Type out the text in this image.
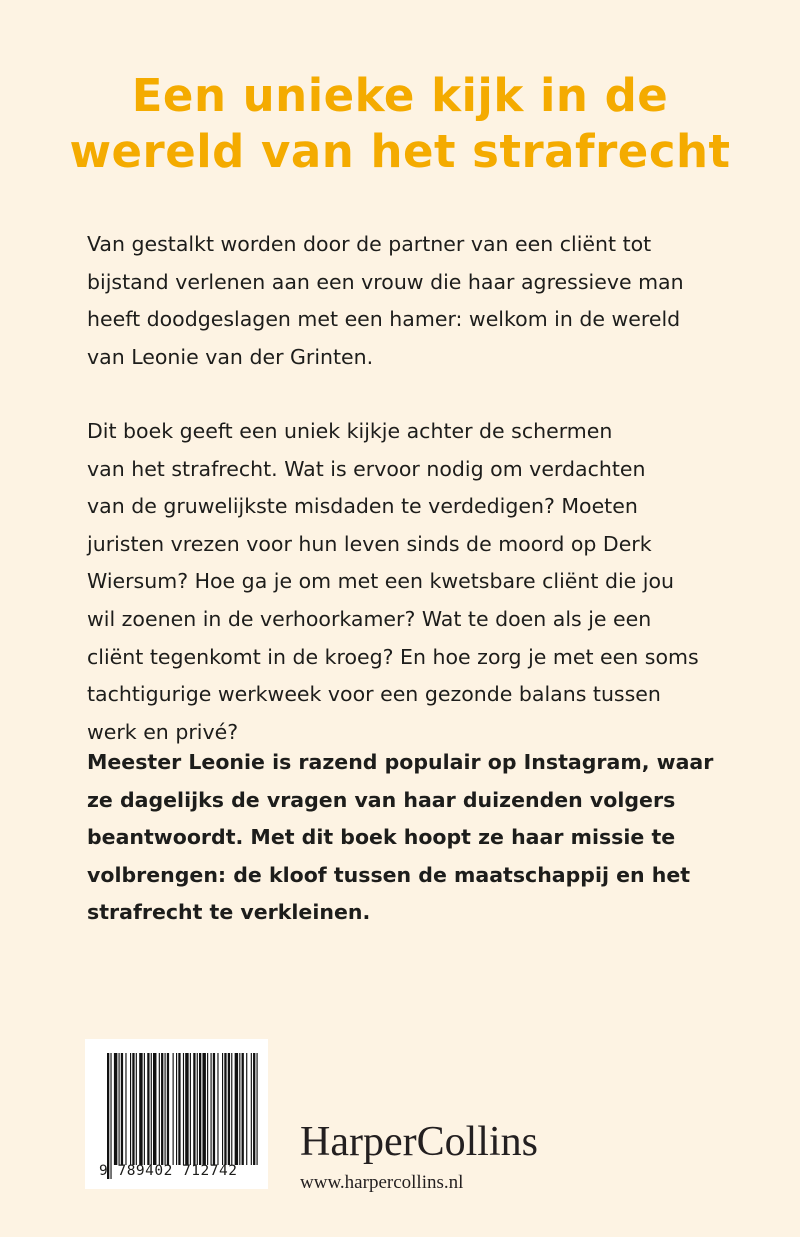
Een unieke kijk in de
wereld van het strafrecht
Van gestalkt worden door de partner van een cliënt tot
bijstand verlenen aan een vrouw die haar agressieve man
heeft doodgeslagen met een hamer: welkom in de wereld
van Leonie van der Grinten.
Dit boek geeft een uniek kijkje achter de schermen
van het strafrecht. Wat is ervoor nodig om verdachten
van de gruwelijkste misdaden te verdedigen? Moeten
juristen vrezen voor hun leven sinds de moord op Derk
Wiersum? Hoe ga je om met een kwetsbare cliënt die jou
wil zoenen in de verhoorkamer? Wat te doen als je een
cliënt tegenkomt in de kroeg? En hoe zorg je met een soms
tachtigurige werkweek voor een gezonde balans tussen
werk en privé?
Meester Leonie is razend populair op Instagram, waar
ze dagelijks de vragen van haar duizenden volgers
beantwoordt. Met dit boek hoopt ze haar missie te
volbrengen: de kloof tussen de maatschappij en het
strafrecht te verkleinen.
9 789402 712742
HarperCollins
www.harpercollins.nl
